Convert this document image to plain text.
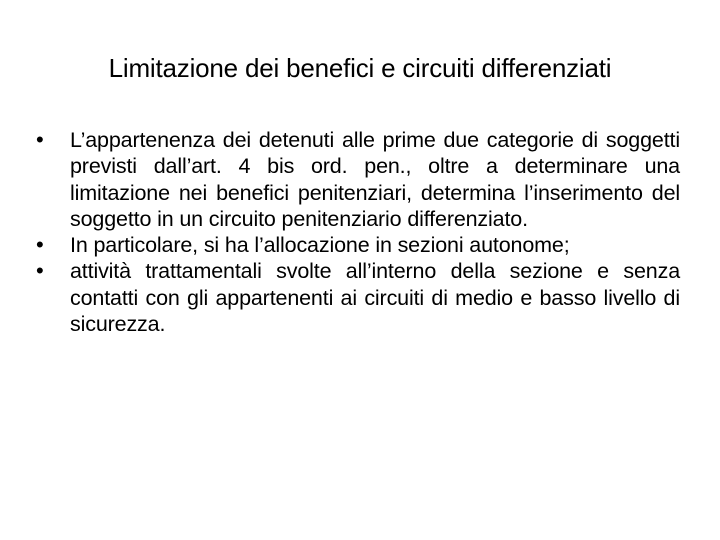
Limitazione dei benefici e circuiti differenziati
•	L’appartenenza dei detenuti alle prime due categorie di soggetti previsti dall’art. 4 bis ord. pen., oltre a determinare una limitazione nei benefici penitenziari, determina l’inserimento del soggetto in un circuito penitenziario differenziato.
•	In particolare, si ha l’allocazione in sezioni autonome;
•	attività trattamentali svolte all’interno della sezione e senza contatti con gli appartenenti ai circuiti di medio e basso livello di sicurezza.
